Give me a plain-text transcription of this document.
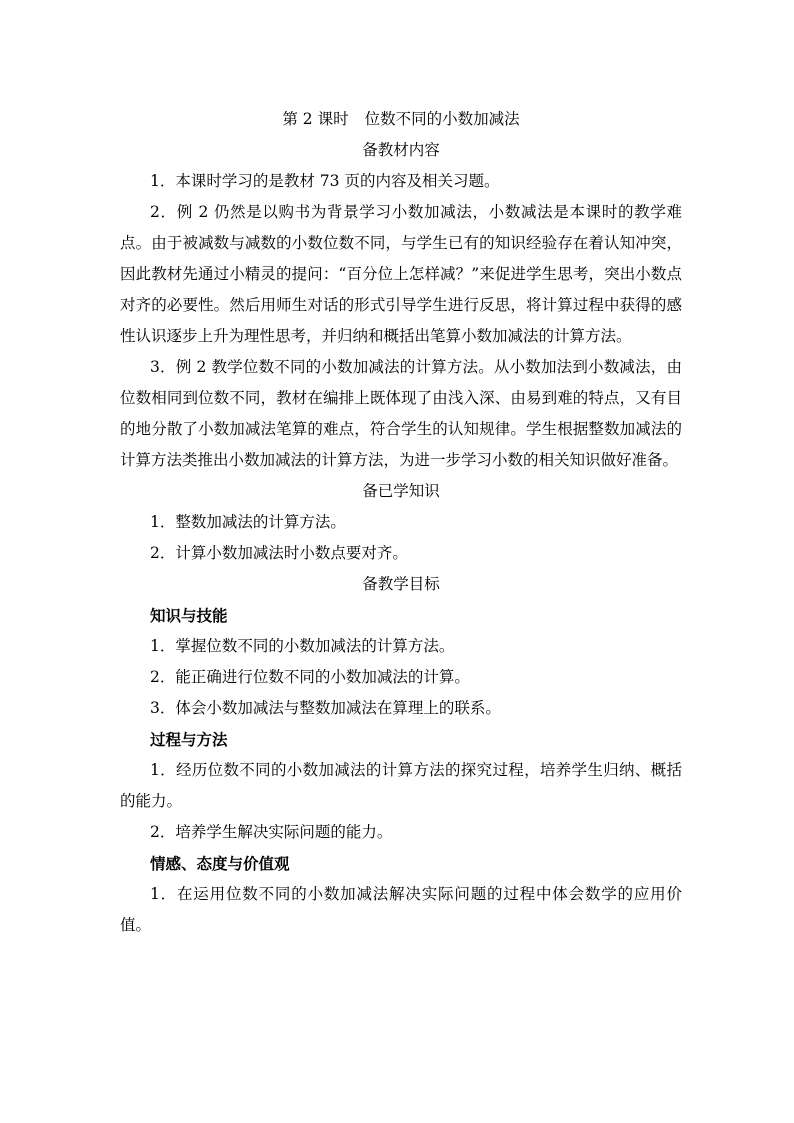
第 2 课时 位数不同的小数加减法
备教材内容

1．本课时学习的是教材 73 页的内容及相关习题。

2．例 2 仍然是以购书为背景学习小数加减法，小数减法是本课时的教学难点。由于被减数与减数的小数位数不同，与学生已有的知识经验存在着认知冲突，因此教材先通过小精灵的提问：“百分位上怎样减？”来促进学生思考，突出小数点对齐的必要性。然后用师生对话的形式引导学生进行反思，将计算过程中获得的感性认识逐步上升为理性思考，并归纳和概括出笔算小数加减法的计算方法。

3．例 2 教学位数不同的小数加减法的计算方法。从小数加法到小数减法，由位数相同到位数不同，教材在编排上既体现了由浅入深、由易到难的特点，又有目的地分散了小数加减法笔算的难点，符合学生的认知规律。学生根据整数加减法的计算方法类推出小数加减法的计算方法，为进一步学习小数的相关知识做好准备。

备已学知识

1．整数加减法的计算方法。

2．计算小数加减法时小数点要对齐。

备教学目标
知识与技能

1．掌握位数不同的小数加减法的计算方法。

2．能正确进行位数不同的小数加减法的计算。

3．体会小数加减法与整数加减法在算理上的联系。

过程与方法

1．经历位数不同的小数加减法的计算方法的探究过程，培养学生归纳、概括的能力。

2．培养学生解决实际问题的能力。

情感、态度与价值观

1．在运用位数不同的小数加减法解决实际问题的过程中体会数学的应用价值。
